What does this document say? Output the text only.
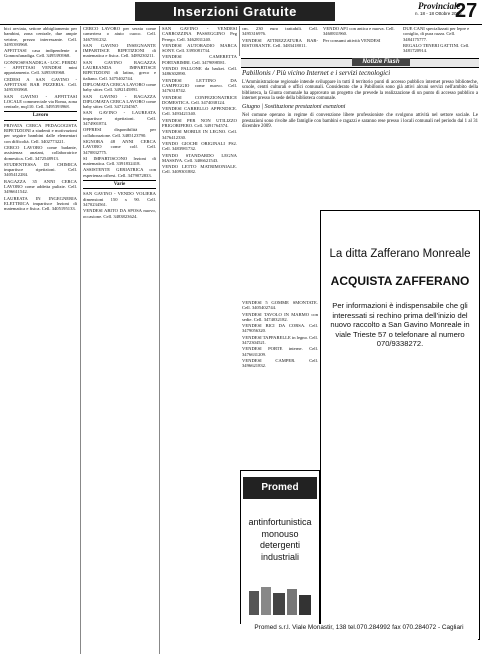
Inserzioni Gratuite	Provinciale
n. 18 - 18 Ottobre 2009
27

bici avviata, settore abbigliamento per bambini, zona centrale, due ampie vetrine, prezzo interessante. Cell. 3495393968.

AFFITTASI casa indipendente a Gonnosfanadiga. Cell. 3495393968.

GONNOSFANADIGA - LOC. PERDU - AFFITTASI VENDESI mini appartamento. Cell. 3495393968.

CEDESI A SAN GAVINO - AFFITTASI BAR PIZZERIA. Cell. 3495393968.

SAN GAVINO - AFFITTASI LOCALE commerciale via Roma, zona centrale, mq110. Cell. 3495393968.

Lavoro

PRIVATA CERCA PEDAGOGISTA RIPETIZIONI a studenti e motivazioni per seguire bambini dalle elementari con difficoltà. Cell. 3402773221.

CERCO LAVORO come badante, assistenza anziani, collaboratrice domestica. Cell. 3472548913.

STUDENTESSA DI CHIMICA impartisce ripetizioni. Cell. 3405412284.

RAGAZZA 35 ANNI CERCA LAVORO come addetta pulizie. Cell. 3496611542.

LAUREATA IN INGEGNERIA ELETTRICA impartisce lezioni di matematica e fisica. Cell. 3405195133.

CERCO LAVORO per serata come cameriera o aiuto cuoco. Cell. 3467591232.

SAN GAVINO INSEGNANTE IMPARTISCE RIPETIZIONI di matematica e fisica. Cell. 3489230211.

SAN GAVINO RAGAZZA LAUREANDA IMPARTISCE RIPETIZIONI di latino, greco e italiano. Cell. 3475402744.

DIPLOMATA CERCA LAVORO come baby sitter. Cell. 3492145891.

SAN GAVINO - RAGAZZA DIPLOMATA CERCA LAVORO come baby sitter. Cell. 3471234567.

SAN GAVINO - LAUREATA impartisce ripetizioni. Cell. 3474901874.

OFFRESI disponibilità per collaborazione. Cell. 3485123790.

SIGNORA 48 ANNI CERCA LAVORO come colf. Cell. 3470832775.

SI IMPARTISCONO lezioni di matematica. Cell. 3391832418.

ASSISTENTE GERIATRICA con esperienza offresi. Cell. 3479072833.

Varie

SAN GAVINO - VENDO VOLIERA dimensioni 150 x 90. Cell. 3470234561.

VENDESI ABITO DA SPOSA nuovo, occasione. Cell. 3483823624.

SAN GAVINO - VENDESI CARROZZINA PASSEGGINO Peg Perego. Cell. 3462831240.

VENDESI AUTORADIO MARCA SONY. Cell. 3395081734.

VENDESI CAMERETTA PORTABIMBI. Cell. 3479098581.

VENDO PALLONE da basket. Cell. 3486302890.

VENDESI LETTINO DA CAMPEGGIO come nuovo. Cell. 3476318742.

VENDESI CONFEZIONATRICE DOMESTICA. Cell. 3474038124.

VENDESI CARRELLO APPENDICE. Cell. 3493421340.

VENDESI PER NON UTILIZZO FRIGORIFERO. Cell. 3491764574.

VENDESI MOBILE IN LEGNO. Cell. 3476412330.

VENDO GIOCHI ORIGINALI PS2. Cell. 3483981732.

VENDO STANDARDO LEGNA MASSIVA. Cell. 3406621543.

VENDO LETTO MATRIMONIALE. Cell. 3409301882.

cm. 230 euro trattabili. Cell. 3495316976.

VENDESI ATTREZZATURA BAR-RISTORANTE. Cell. 3483418011.

VENDESI 5 GOMME SMONTATE. Cell. 3405402744.

VENDESI TAVOLO IN MARMO con sedie. Cell. 3474032182.

VENDESI BICI DA CORSA. Cell. 3479056320.

VENDESI TAPPARELLE in legno. Cell. 3472304521.

VENDESI PORTE interne. Cell. 3476631209.

VENDESI CAMPER. Cell. 3496621832.

VENDO AP1 con antica e nuova. Cell. 3460831960.

Per consumi attività VENDESI

DUE CANI specializzati per lepre e coniglio, di pura razza. Cell. 3484175777.

REGALO TENERI GATTINI. Cell. 3481720914.

Notizie Flash
Pabillonis / Più vicino Internet e i servizi tecnologici

L'Amministrazione regionale intende sviluppare in tutti il territorio punti di accesso pubblico internet presso biblioteche, scuole, centri culturali e uffici comunali. Considerato che a Pabillonis sono già attivi alcuni servizi nell'ambito della biblioteca, la Giunta comunale ha approvato un progetto che prevede la realizzazione di un punto di accesso pubblico a internet presso la sede della biblioteca comunale.

Giugno | Sostituzione prestazioni esenzioni

Nel comune operano in regime di convenzione libere professioniste che svolgono attività nel settore sociale. Le prestazioni sono rivolte alle famiglie con bambini e ragazzi e saranno rese presso i locali comunali nel periodo dal 1 al 31 dicembre 2009.

La ditta Zafferano Monreale
ACQUISTA ZAFFERANO
Per informazioni è indispensabile che gli interessati si rechino prima dell'inizio del nuovo raccolto a San Gavino Monreale in viale Trieste 57 o telefonare al numero 070/9338272.
Promed
antinfortunistica monouso detergenti industriali
Promed s.r.l. Viale Monastir, 138 tel.070.284992 fax 070.284072 - Cagliari
